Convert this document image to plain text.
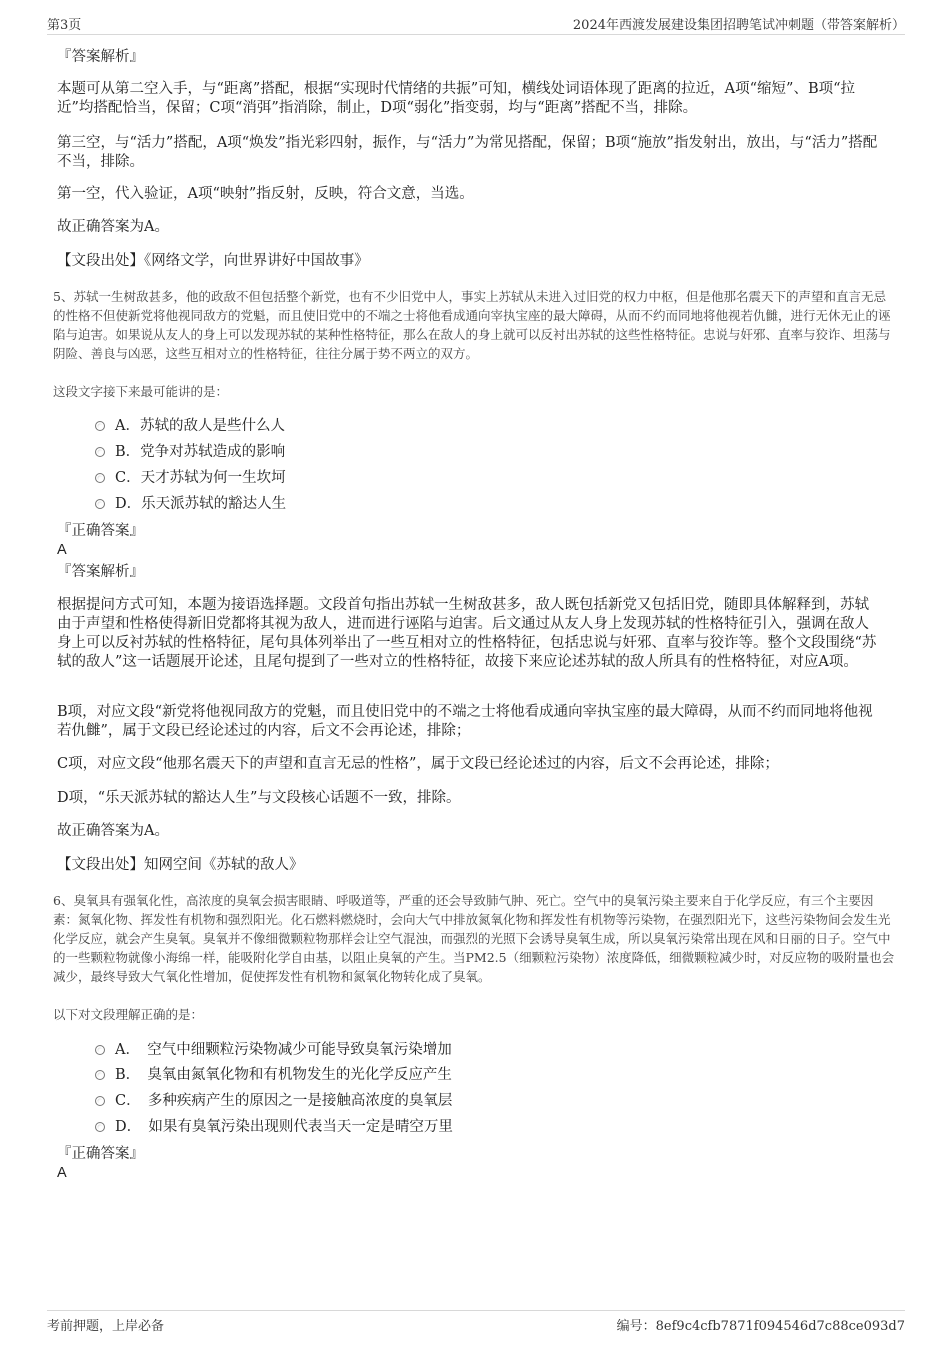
第3页	2024年西渡发展建设集团招聘笔试冲刺题（带答案解析）
『答案解析』
本题可从第二空入手，与“距离”搭配，根据“实现时代情绪的共振”可知，横线处词语体现了距离的拉近，A项“缩短”、B项“拉近”均搭配恰当，保留；C项“消弭”指消除，制止，D项“弱化”指变弱，均与“距离”搭配不当，排除。
第三空，与“活力”搭配，A项“焕发”指光彩四射，振作，与“活力”为常见搭配，保留；B项“施放”指发射出，放出，与“活力”搭配不当，排除。
第一空，代入验证，A项“映射”指反射，反映，符合文意，当选。
故正确答案为A。
【文段出处】《网络文学，向世界讲好中国故事》
5、苏轼一生树敌甚多，他的政敌不但包括整个新党，也有不少旧党中人，事实上苏轼从未进入过旧党的权力中枢，但是他那名震天下的声望和直言无忌的性格不但使新党将他视同敌方的党魁，而且使旧党中的不端之士将他看成通向宰执宝座的最大障碍，从而不约而同地将他视若仇雠，进行无休无止的诬陷与迫害。如果说从友人的身上可以发现苏轼的某种性格特征，那么在敌人的身上就可以反衬出苏轼的这些性格特征。忠说与奸邪、直率与狡诈、坦荡与阴险、善良与凶恶，这些互相对立的性格特征，往往分属于势不两立的双方。
这段文字接下来最可能讲的是：
A．苏轼的敌人是些什么人
B．党争对苏轼造成的影响
C．天才苏轼为何一生坎坷
D．乐天派苏轼的豁达人生
『正确答案』
A
『答案解析』
根据提问方式可知，本题为接语选择题。文段首句指出苏轼一生树敌甚多，敌人既包括新党又包括旧党，随即具体解释到，苏轼由于声望和性格使得新旧党都将其视为敌人，进而进行诬陷与迫害。后文通过从友人身上发现苏轼的性格特征引入，强调在敌人身上可以反衬苏轼的性格特征，尾句具体列举出了一些互相对立的性格特征，包括忠说与奸邪、直率与狡诈等。整个文段围绕“苏轼的敌人”这一话题展开论述，且尾句提到了一些对立的性格特征，故接下来应论述苏轼的敌人所具有的性格特征，对应A项。
B项，对应文段“新党将他视同敌方的党魁，而且使旧党中的不端之士将他看成通向宰执宝座的最大障碍，从而不约而同地将他视若仇雠”，属于文段已经论述过的内容，后文不会再论述，排除；
C项，对应文段“他那名震天下的声望和直言无忌的性格”，属于文段已经论述过的内容，后文不会再论述，排除；
D项，“乐天派苏轼的豁达人生”与文段核心话题不一致，排除。
故正确答案为A。
【文段出处】知网空间《苏轼的敌人》
6、臭氧具有强氧化性，高浓度的臭氧会损害眼睛、呼吸道等，严重的还会导致肺气肿、死亡。空气中的臭氧污染主要来自于化学反应，有三个主要因素：氮氧化物、挥发性有机物和强烈阳光。化石燃料燃烧时，会向大气中排放氮氧化物和挥发性有机物等污染物，在强烈阳光下，这些污染物间会发生光化学反应，就会产生臭氧。臭氧并不像细微颗粒物那样会让空气混浊，而强烈的光照下会诱导臭氧生成，所以臭氧污染常出现在风和日丽的日子。空气中的一些颗粒物就像小海绵一样，能吸附化学自由基，以阻止臭氧的产生。当PM2.5（细颗粒污染物）浓度降低，细微颗粒减少时，对反应物的吸附量也会减少，最终导致大气氧化性增加，促使挥发性有机物和氮氧化物转化成了臭氧。
以下对文段理解正确的是：
A．　空气中细颗粒污染物减少可能导致臭氧污染增加
B．　臭氧由氮氧化物和有机物发生的光化学反应产生
C．　多种疾病产生的原因之一是接触高浓度的臭氧层
D．　如果有臭氧污染出现则代表当天一定是晴空万里
『正确答案』
A
考前押题，上岸必备	编号：8ef9c4cfb7871f094546d7c88ce093d7
